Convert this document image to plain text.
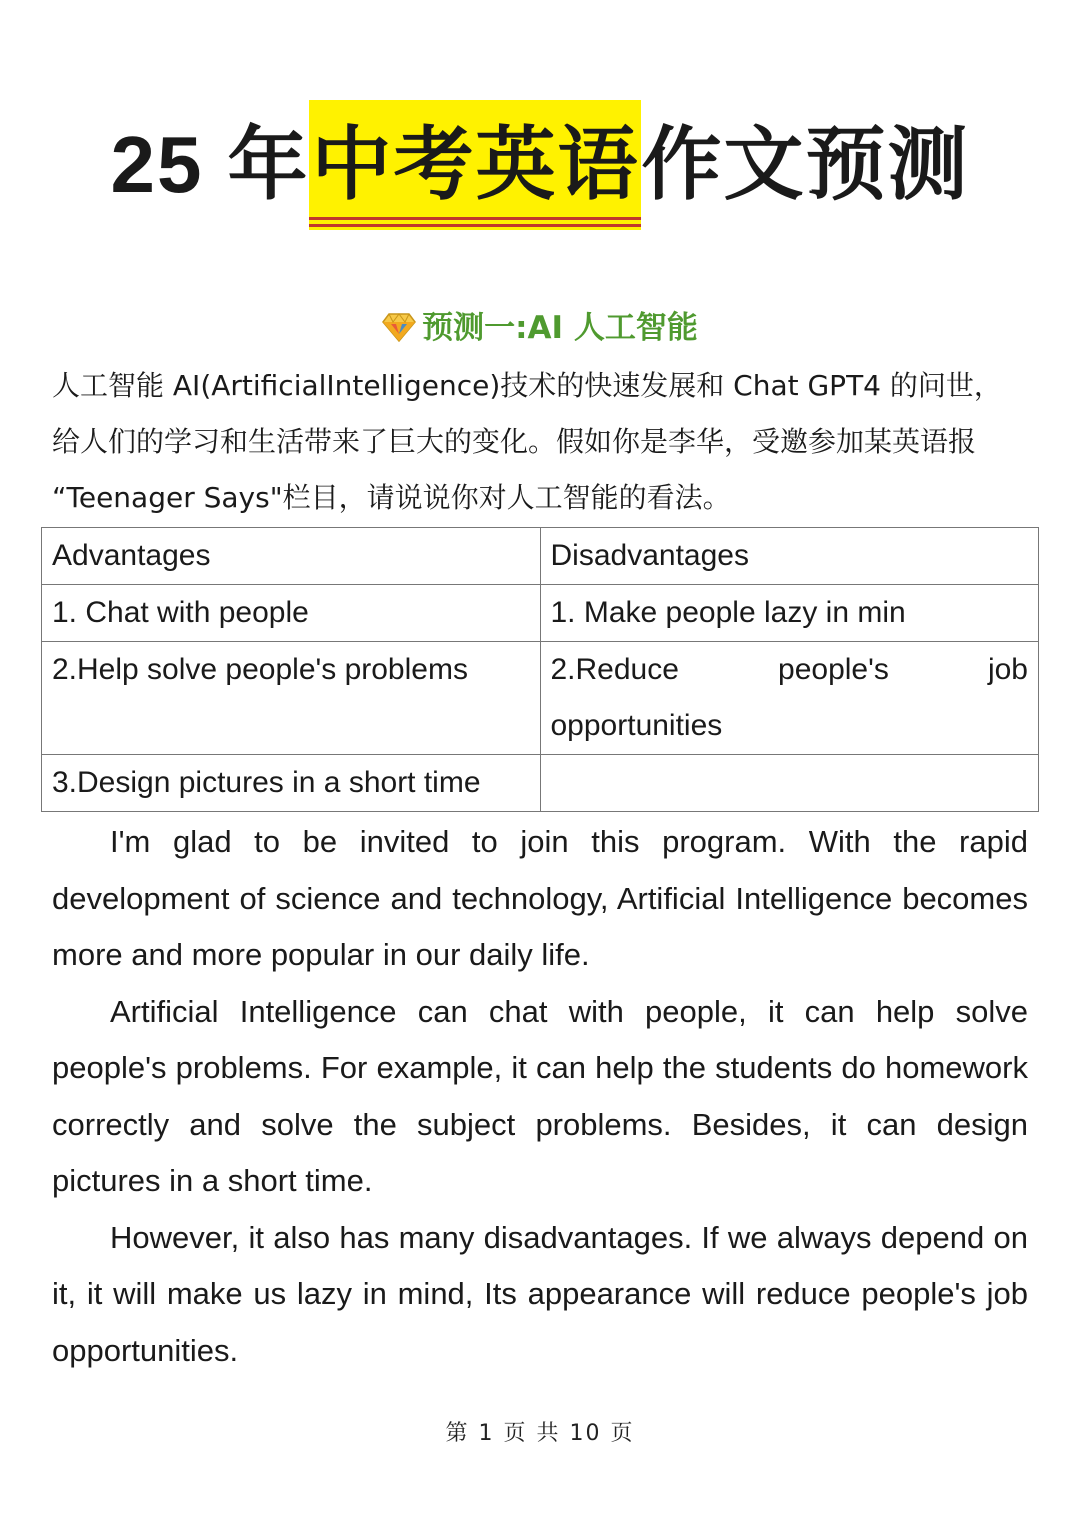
25 年中考英语作文预测
预测一:AI 人工智能

人工智能 AI(ArtificialIntelligence)技术的快速发展和 Chat GPT4 的问世，

给人们的学习和生活带来了巨大的变化。假如你是李华，受邀参加某英语报

“Teenager Says"栏目，请说说你对人工智能的看法。

Advantages	Disadvantages
1. Chat with people	1. Make people lazy in min
2.Help solve people's problems	2.Reduce people's job
opportunities

3.Design pictures in a short time	

I'm glad to be invited to join this program. With the rapid development of science and technology, Artificial Intelligence becomes more and more popular in our daily life.

Artificial Intelligence can chat with people, it can help solve people's problems. For example, it can help the students do homework correctly and solve the subject problems. Besides, it can design pictures in a short time.

However, it also has many disadvantages. If we always depend on it, it will make us lazy in mind, Its appearance will reduce people's job opportunities.

第 1 页 共 10 页
